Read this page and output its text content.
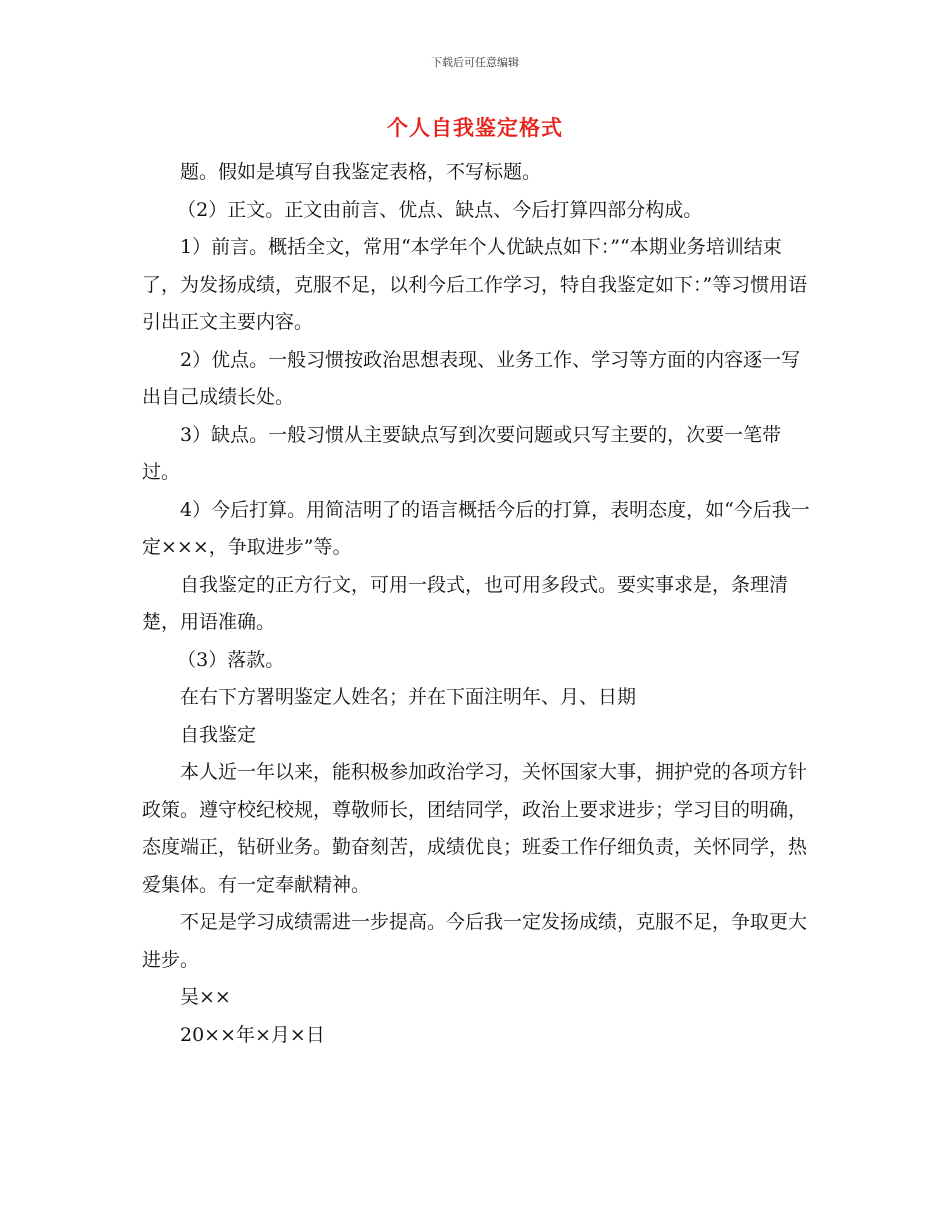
下载后可任意编辑
个人自我鉴定格式

题。假如是填写自我鉴定表格，不写标题。

（2）正文。正文由前言、优点、缺点、今后打算四部分构成。

1）前言。概括全文，常用“本学年个人优缺点如下：”“本期业务培训结束了，为发扬成绩，克服不足，以利今后工作学习，特自我鉴定如下：”等习惯用语引出正文主要内容。

2）优点。一般习惯按政治思想表现、业务工作、学习等方面的内容逐一写出自己成绩长处。

3）缺点。一般习惯从主要缺点写到次要问题或只写主要的，次要一笔带过。

4）今后打算。用简洁明了的语言概括今后的打算，表明态度，如“今后我一定×××，争取进步”等。

自我鉴定的正方行文，可用一段式，也可用多段式。要实事求是，条理清楚，用语准确。

（3）落款。

在右下方署明鉴定人姓名；并在下面注明年、月、日期

自我鉴定

本人近一年以来，能积极参加政治学习，关怀国家大事，拥护党的各项方针政策。遵守校纪校规，尊敬师长，团结同学，政治上要求进步；学习目的明确，态度端正，钻研业务。勤奋刻苦，成绩优良；班委工作仔细负责，关怀同学，热爱集体。有一定奉献精神。

不足是学习成绩需进一步提高。今后我一定发扬成绩，克服不足，争取更大进步。

吴××

20××年×月×日
